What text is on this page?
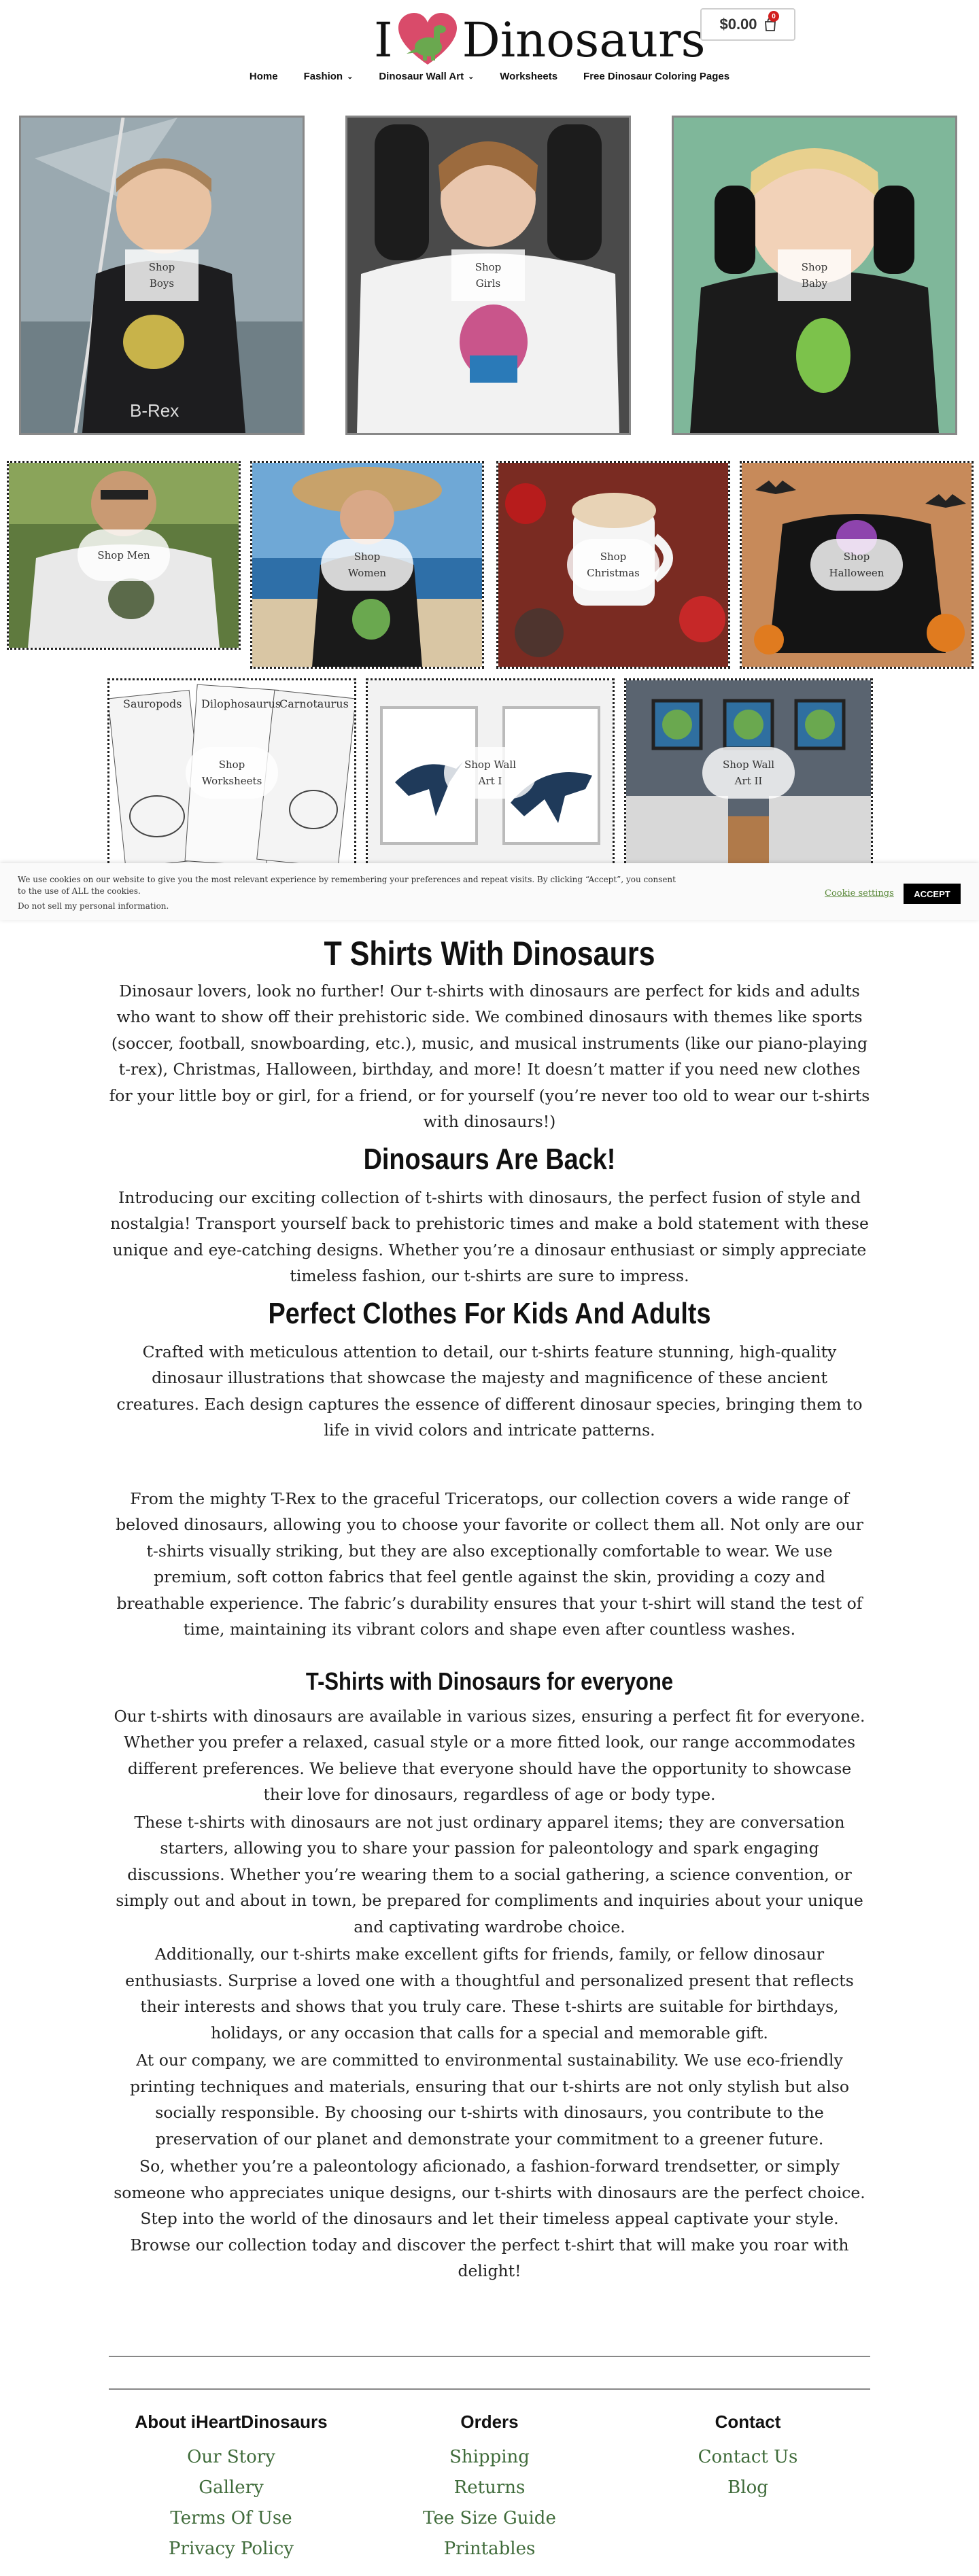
I Dinosaurs $0.00	0
Home	Fashion ⌄	Dinosaur Wall Art ⌄	Worksheets	Free Dinosaur Coloring Pages
B-Rex
Shop
Boys
Shop
Girls
Shop
Baby
Shop Men	Shop
Women
Shop
Christmas
Shop
Halloween
Sauropods Dilophosaurus
Carnotaurus
Shop
Worksheets
Shop Wall
Art I
Shop Wall
Art II
We use cookies on our website to give you the most relevant experience by remembering your preferences and repeat visits. By clicking “Accept”, you consent to the use of ALL the cookies.
Do not sell my personal information.
Cookie settings	ACCEPT
T Shirts With Dinosaurs

Dinosaur lovers, look no further! Our t-shirts with dinosaurs are perfect for kids and adults who want to show off their prehistoric side. We combined dinosaurs with themes like sports (soccer, football, snowboarding, etc.), music, and musical instruments (like our piano-playing t-rex), Christmas, Halloween, birthday, and more! It doesn’t matter if you need new clothes for your little boy or girl, for a friend, or for yourself (you’re never too old to wear our t-shirts with dinosaurs!)

Dinosaurs Are Back!

Introducing our exciting collection of t-shirts with dinosaurs, the perfect fusion of style and nostalgia! Transport yourself back to prehistoric times and make a bold statement with these unique and eye-catching designs. Whether you’re a dinosaur enthusiast or simply appreciate timeless fashion, our t-shirts are sure to impress.

Perfect Clothes For Kids And Adults

Crafted with meticulous attention to detail, our t-shirts feature stunning, high-quality dinosaur illustrations that showcase the majesty and magnificence of these ancient creatures. Each design captures the essence of different dinosaur species, bringing them to life in vivid colors and intricate patterns.

From the mighty T-Rex to the graceful Triceratops, our collection covers a wide range of beloved dinosaurs, allowing you to choose your favorite or collect them all. Not only are our t-shirts visually striking, but they are also exceptionally comfortable to wear. We use premium, soft cotton fabrics that feel gentle against the skin, providing a cozy and breathable experience. The fabric’s durability ensures that your t-shirt will stand the test of time, maintaining its vibrant colors and shape even after countless washes.

T-Shirts with Dinosaurs for everyone

Our t-shirts with dinosaurs are available in various sizes, ensuring a perfect fit for everyone. Whether you prefer a relaxed, casual style or a more fitted look, our range accommodates different preferences. We believe that everyone should have the opportunity to showcase their love for dinosaurs, regardless of age or body type.

These t-shirts with dinosaurs are not just ordinary apparel items; they are conversation starters, allowing you to share your passion for paleontology and spark engaging discussions. Whether you’re wearing them to a social gathering, a science convention, or simply out and about in town, be prepared for compliments and inquiries about your unique and captivating wardrobe choice.

Additionally, our t-shirts make excellent gifts for friends, family, or fellow dinosaur enthusiasts. Surprise a loved one with a thoughtful and personalized present that reflects their interests and shows that you truly care. These t-shirts are suitable for birthdays, holidays, or any occasion that calls for a special and memorable gift.

At our company, we are committed to environmental sustainability. We use eco-friendly printing techniques and materials, ensuring that our t-shirts are not only stylish but also socially responsible. By choosing our t-shirts with dinosaurs, you contribute to the preservation of our planet and demonstrate your commitment to a greener future.

So, whether you’re a paleontology aficionado, a fashion-forward trendsetter, or simply someone who appreciates unique designs, our t-shirts with dinosaurs are the perfect choice. Step into the world of the dinosaurs and let their timeless appeal captivate your style. Browse our collection today and discover the perfect t-shirt that will make you roar with delight!

About iHeartDinosaurs
Our Story
Gallery
Terms Of Use
Privacy Policy
Orders
Shipping
Returns
Tee Size Guide
Printables
Contact
Contact Us
Blog
